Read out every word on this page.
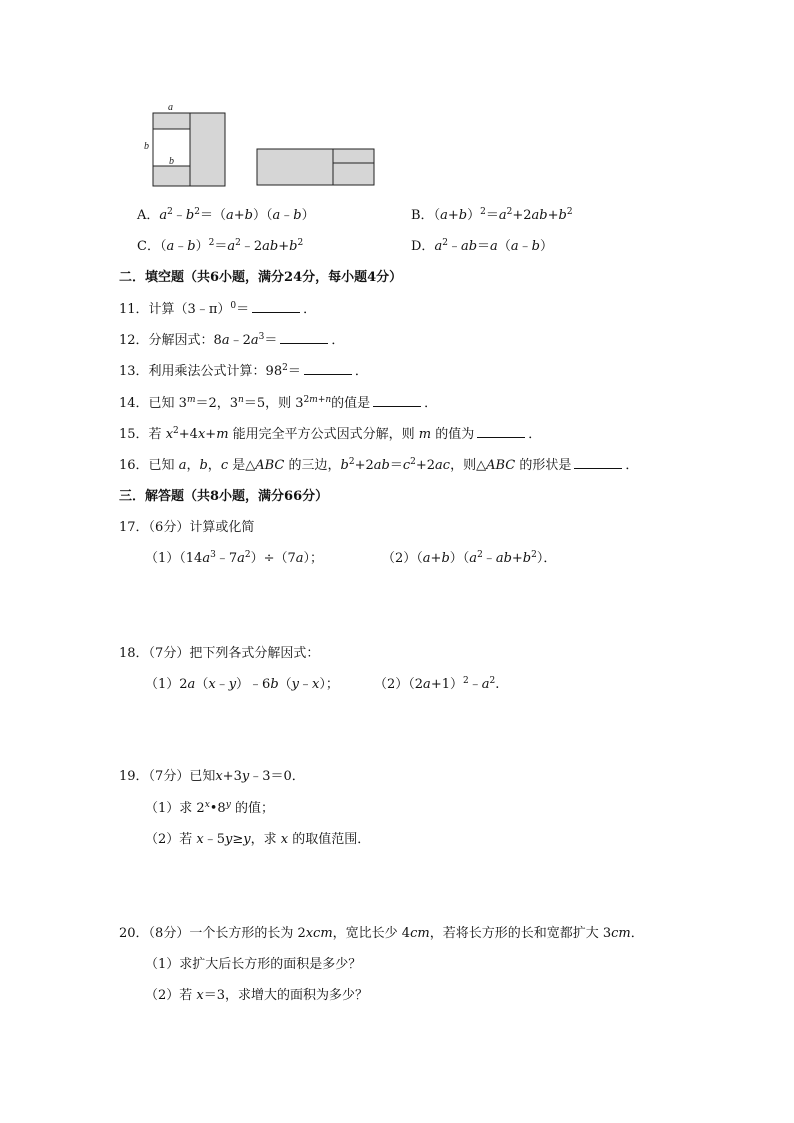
a
b
b
A．$a^2﹣b^2=(a+b)(a﹣b)$	B．$(a+b)^2=a^2+2ab+b^2$
C．$(a﹣b)^2=a^2﹣2ab+b^2$	D．$a^2﹣ab=a(a﹣b)$
二．填空题（共6小题，满分24分，每小题4分）
11．计算（3﹣π）$^0$＝	．
12．分解因式：$8a﹣2a^3=$	．
13．利用乘法公式计算：$98^2=$	．
14．已知 $3^m=2$，$3^n=5$，则 $3^{2m+n}$的值是	．
15．若 $x^2+4x+m$ 能用完全平方公式因式分解，则 m 的值为	．
16．已知 a，b，c 是△ABC 的三边，$b^2+2ab=c^2+2ac$，则△ABC 的形状是	．
三．解答题（共8小题，满分66分）
17．（6分）计算或化简
$(1)(14a^3﹣7a^2)\div(7a)$；	$(2)(a+b)(a^2﹣ab+b^2)$．
18．（7分）把下列各式分解因式：
（1）2a（x﹣y）﹣6b（y﹣x）；	$(2)(2a+1)^2﹣a^2$.
19．（7分）已知x+3y﹣3＝0．
（1）求 2$^x$•8$^y$ 的值；
（2）若 x﹣5y≥y，求 x 的取值范围．
20．（8分）一个长方形的长为 2xcm，宽比长少 4cm，若将长方形的长和宽都扩大 3cm．
（1）求扩大后长方形的面积是多少？
（2）若 x＝3，求增大的面积为多少？
